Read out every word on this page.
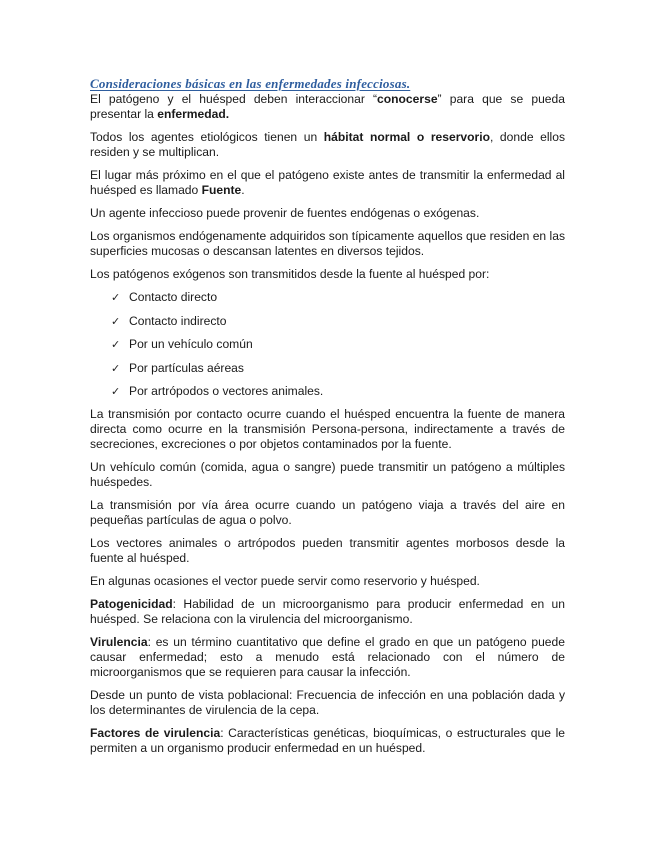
Consideraciones básicas en las enfermedades infecciosas.

El patógeno y el huésped deben interaccionar “conocerse” para que se pueda presentar la enfermedad.

Todos los agentes etiológicos tienen un hábitat normal o reservorio, donde ellos residen y se multiplican.

El lugar más próximo en el que el patógeno existe antes de transmitir la enfermedad al huésped es llamado Fuente.

Un agente infeccioso puede provenir de fuentes endógenas o exógenas.

Los organismos endógenamente adquiridos son típicamente aquellos que residen en las superficies mucosas o descansan latentes en diversos tejidos.

Los patógenos exógenos son transmitidos desde la fuente al huésped por:

✓ Contacto directo
✓ Contacto indirecto
✓ Por un vehículo común
✓ Por partículas aéreas
✓ Por artrópodos o vectores animales.

La transmisión por contacto ocurre cuando el huésped encuentra la fuente de manera directa como ocurre en la transmisión Persona-persona, indirectamente a través de secreciones, excreciones o por objetos contaminados por la fuente.

Un vehículo común (comida, agua o sangre) puede transmitir un patógeno a múltiples huéspedes.

La transmisión por vía área ocurre cuando un patógeno viaja a través del aire en pequeñas partículas de agua o polvo.

Los vectores animales o artrópodos pueden transmitir agentes morbosos desde la fuente al huésped.

En algunas ocasiones el vector puede servir como reservorio y huésped.

Patogenicidad: Habilidad de un microorganismo para producir enfermedad en un huésped. Se relaciona con la virulencia del microorganismo.

Virulencia: es un término cuantitativo que define el grado en que un patógeno puede causar enfermedad; esto a menudo está relacionado con el número de microorganismos que se requieren para causar la infección.

Desde un punto de vista poblacional: Frecuencia de infección en una población dada y los determinantes de virulencia de la cepa.

Factores de virulencia: Características genéticas, bioquímicas, o estructurales que le permiten a un organismo producir enfermedad en un huésped.
